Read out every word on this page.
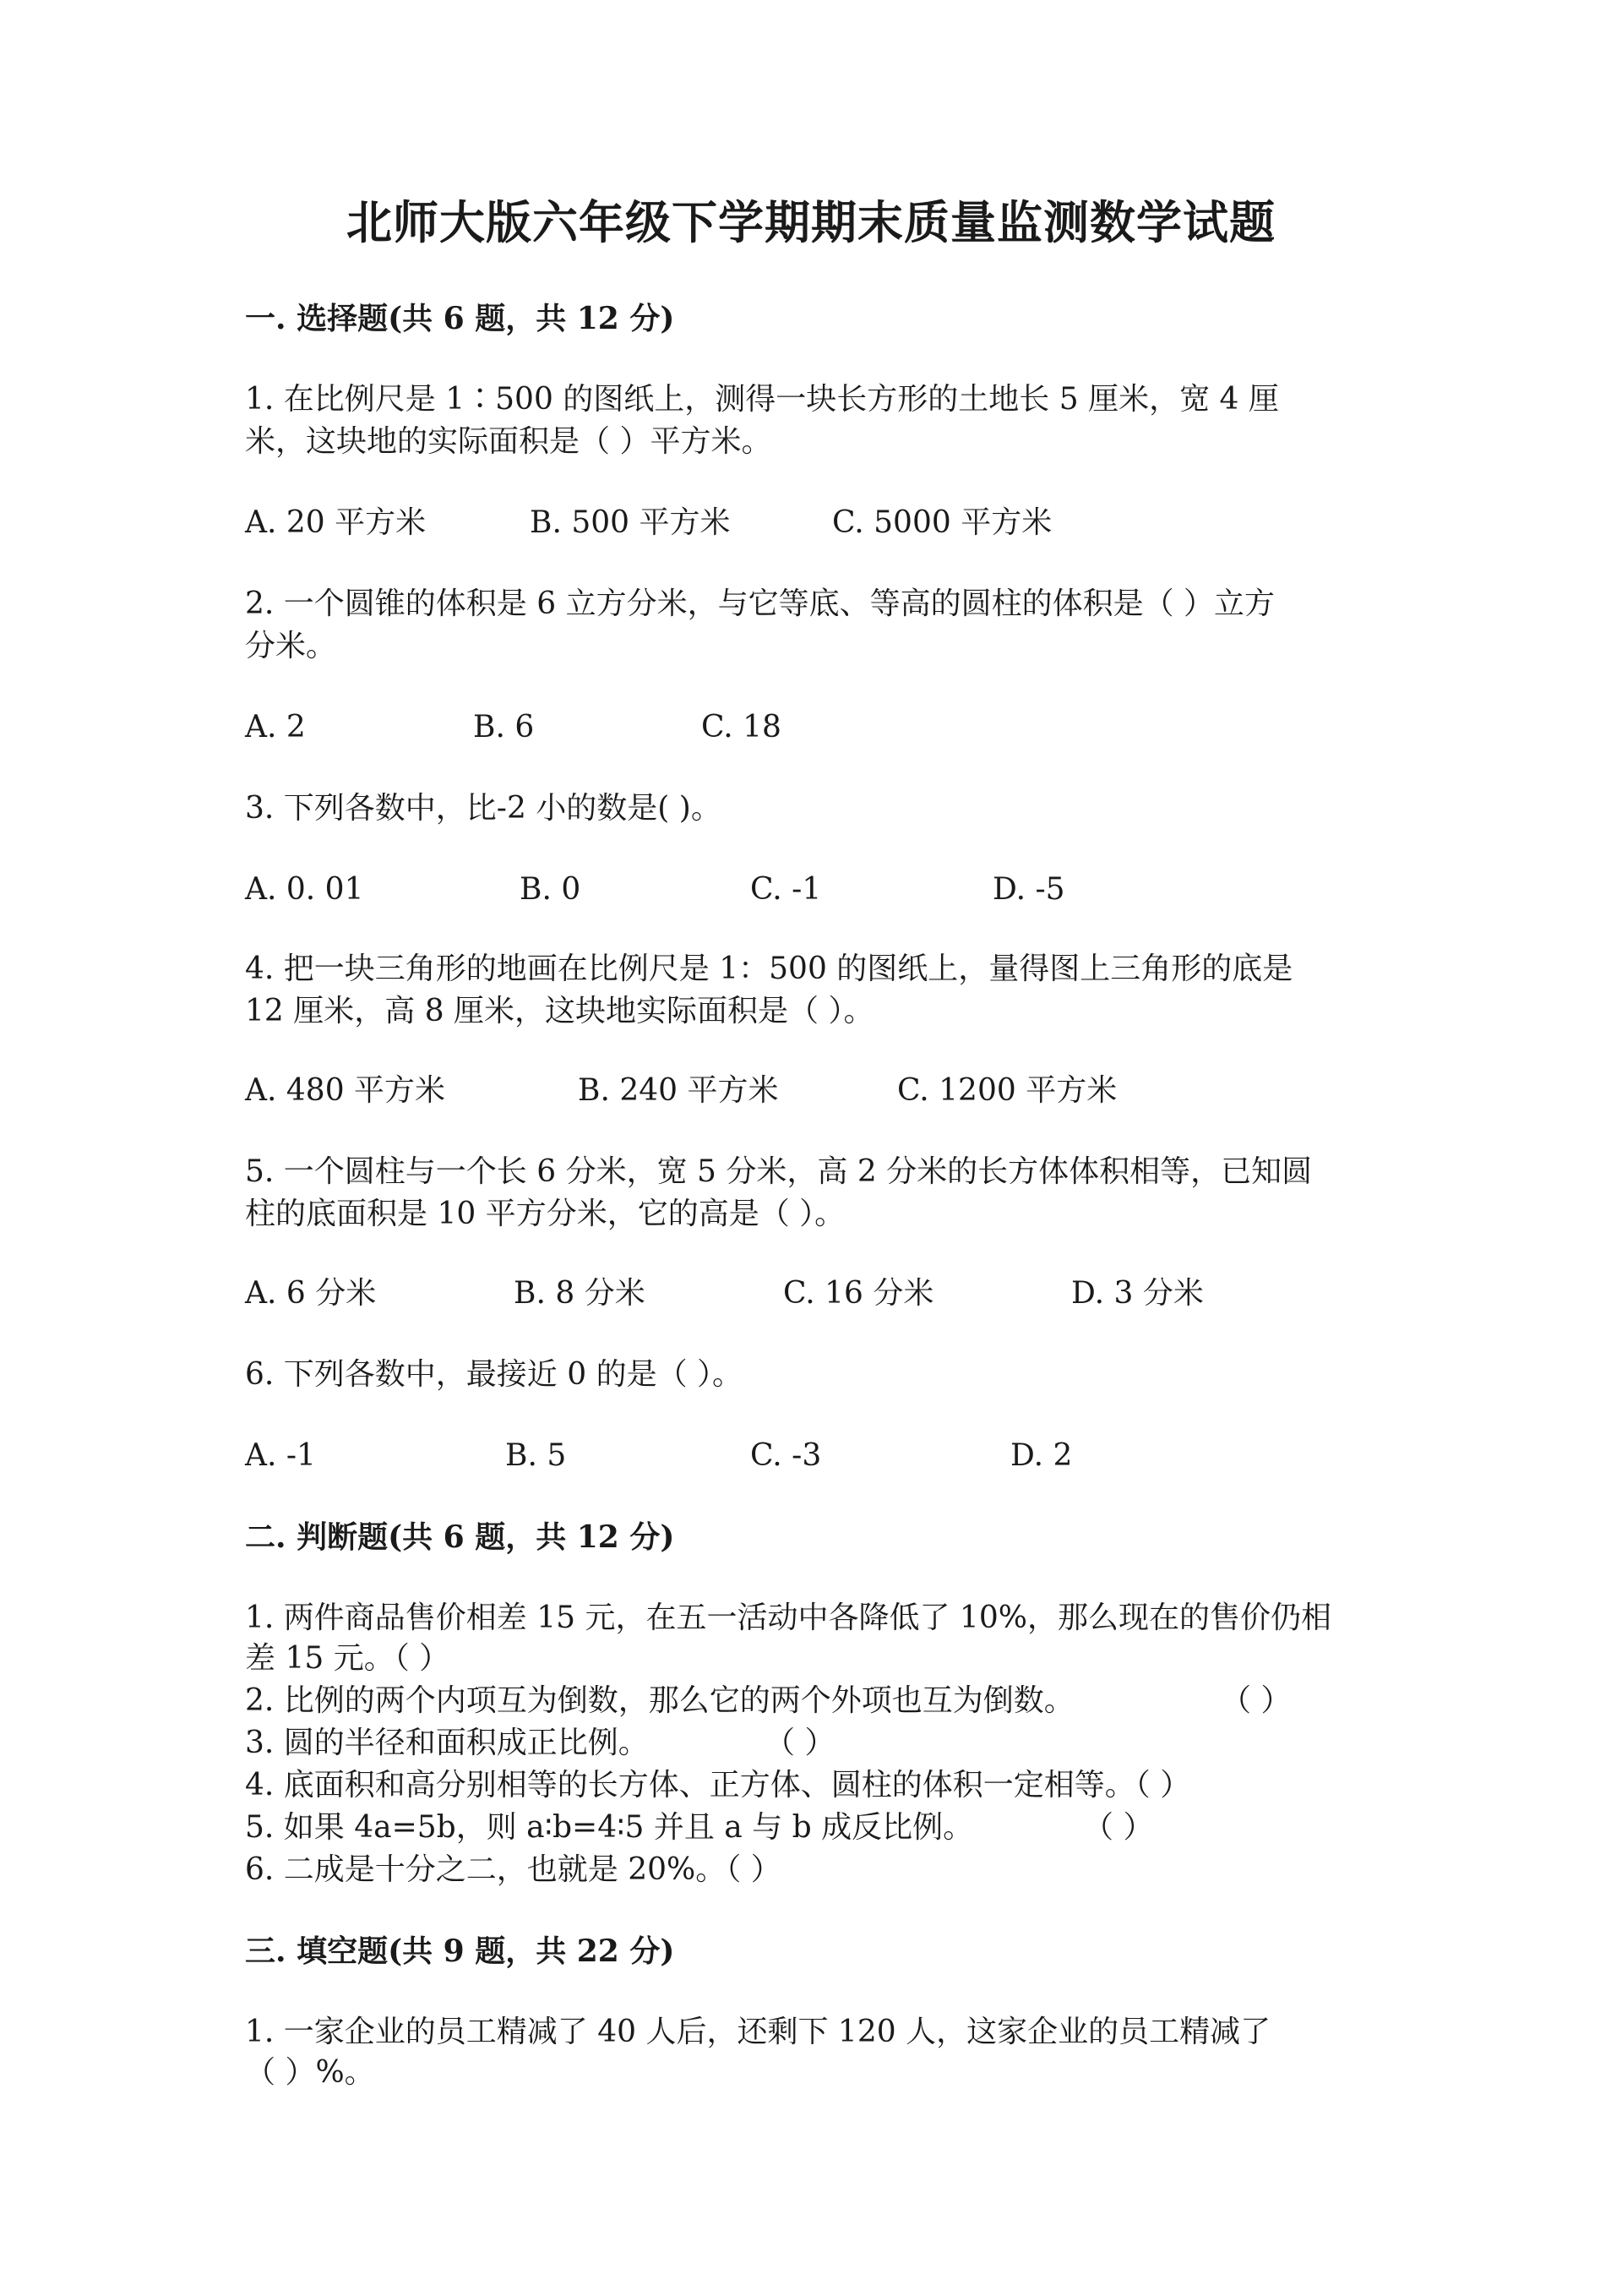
北师大版六年级下学期期末质量监测数学试题
一. 选择题(共 6 题，共 12 分)
1. 在比例尺是 1∶500 的图纸上，测得一块长方形的土地长 5 厘米，宽 4 厘
米，这块地的实际面积是（ ）平方米。
A. 20 平方米	B. 500 平方米	C. 5000 平方米
2. 一个圆锥的体积是 6 立方分米，与它等底、等高的圆柱的体积是（ ）立方
分米。
A. 2	B. 6	C. 18
3. 下列各数中，比-2 小的数是( )。
A. 0. 01	B. 0	C. -1	D. -5
4. 把一块三角形的地画在比例尺是 1：500 的图纸上，量得图上三角形的底是
12 厘米，高 8 厘米，这块地实际面积是（ ）。
A. 480 平方米	B. 240 平方米	C. 1200 平方米
5. 一个圆柱与一个长 6 分米，宽 5 分米，高 2 分米的长方体体积相等，已知圆
柱的底面积是 10 平方分米，它的高是（ ）。
A. 6 分米	B. 8 分米	C. 16 分米	D. 3 分米
6. 下列各数中，最接近 0 的是（ ）。
A. -1	B. 5	C. -3	D. 2
二. 判断题(共 6 题，共 12 分)
1. 两件商品售价相差 15 元，在五一活动中各降低了 10%，那么现在的售价仍相
差 15 元。（ ）
2. 比例的两个内项互为倒数，那么它的两个外项也互为倒数。	（ ）
3. 圆的半径和面积成正比例。	（ ）
4. 底面积和高分别相等的长方体、正方体、圆柱的体积一定相等。（ ）
5. 如果 4a=5b，则 a∶b=4∶5 并且 a 与 b 成反比例。	（ ）
6. 二成是十分之二，也就是 20%。（ ）
三. 填空题(共 9 题，共 22 分)
1. 一家企业的员工精减了 40 人后，还剩下 120 人，这家企业的员工精减了
（ ）%。
